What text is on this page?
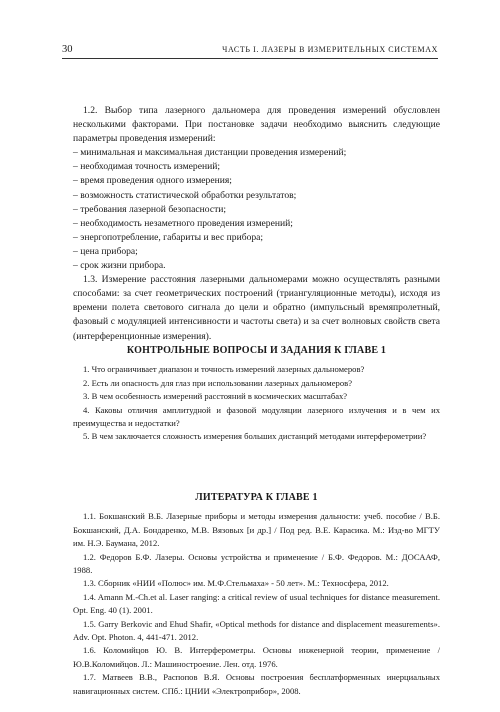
30	ЧАСТЬ I. ЛАЗЕРЫ В ИЗМЕРИТЕЛЬНЫХ СИСТЕМАХ

1.2. Выбор типа лазерного дальномера для проведения измерений обусловлен несколькими факторами. При постановке задачи необходимо выяснить следующие параметры проведения измерений:

– минимальная и максимальная дистанции проведения измерений;
– необходимая точность измерений;
– время проведения одного измерения;
– возможность статистической обработки результатов;
– требования лазерной безопасности;
– необходимость незаметного проведения измерений;
– энергопотребление, габариты и вес прибора;
– цена прибора;
– срок жизни прибора.

1.3. Измерение расстояния лазерными дальномерами можно осуществлять разными способами: за счет геометрических построений (триангуляционные методы), исходя из времени полета светового сигнала до цели и обратно (импульсный времяпролетный, фазовый с модуляцией интенсивности и частоты света) и за счет волновых свойств света (интерференционные измерения).

КОНТРОЛЬНЫЕ ВОПРОСЫ И ЗАДАНИЯ К ГЛАВЕ 1

1. Что ограничивает диапазон и точность измерений лазерных дальномеров?

2. Есть ли опасность для глаз при использовании лазерных дальномеров?

3. В чем особенность измерений расстояний в космических масштабах?

4. Каковы отличия амплитудной и фазовой модуляции лазерного излучения и в чем их преимущества и недостатки?

5. В чем заключается сложность измерения больших дистанций методами интерферометрии?

ЛИТЕРАТУРА К ГЛАВЕ 1

1.1. Бокшанский В.Б. Лазерные приборы и методы измерения дальности: учеб. пособие / В.Б. Бокшанский, Д.А. Бондаренко, М.В. Вязовых [и др.] / Под ред. В.Е. Карасика. М.: Изд-во МГТУ им. Н.Э. Баумана, 2012.

1.2. Федоров Б.Ф. Лазеры. Основы устройства и применение / Б.Ф. Федоров. М.: ДОСААФ, 1988.

1.3. Сборник «НИИ «Полюс» им. М.Ф.Стельмаха» - 50 лет». М.: Техносфера, 2012.

1.4. Amann M.-Ch.et al. Laser ranging: a critical review of usual techniques for distance measurement. Opt. Eng. 40 (1). 2001.

1.5. Garry Berkovic and Ehud Shafir, «Optical methods for distance and displacement measurements». Adv. Opt. Photon. 4, 441-471. 2012.

1.6. Коломийцов Ю. В. Интерферометры. Основы инженерной теории, применение / Ю.В.Коломийцов. Л.: Машиностроение. Лен. отд. 1976.

1.7. Матвеев В.В., Распопов В.Я. Основы построения бесплатформенных инерциальных навигационных систем. СПб.: ЦНИИ «Электроприбор», 2008.
